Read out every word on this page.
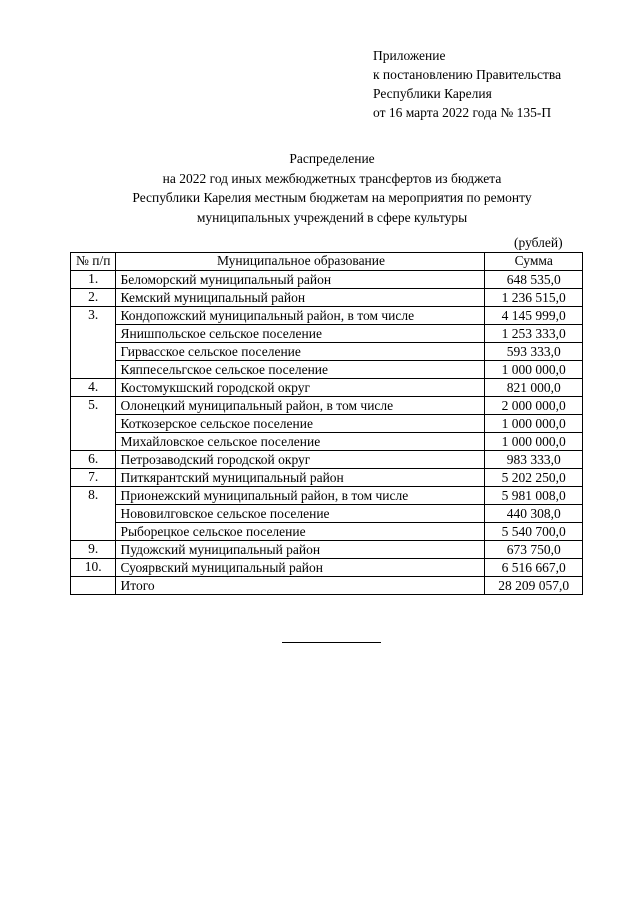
Приложение
к постановлению Правительства
Республики Карелия
от 16 марта 2022 года № 135-П
Распределение
на 2022 год иных межбюджетных трансфертов из бюджета
Республики Карелия местным бюджетам на мероприятия по ремонту
муниципальных учреждений в сфере культуры
(рублей)
№ п/п	Муниципальное образование	Сумма
1.	Беломорский муниципальный район	648 535,0
2.	Кемский муниципальный район	1 236 515,0
3.	Кондопожский муниципальный район, в том числе	4 145 999,0
	Янишпольское сельское поселение	1 253 333,0
	Гирвасское сельское поселение	593 333,0
	Кяппесельгское сельское поселение	1 000 000,0
4.	Костомукшский городской округ	821 000,0
5.	Олонецкий муниципальный район, в том числе	2 000 000,0
	Коткозерское сельское поселение	1 000 000,0
	Михайловское сельское поселение	1 000 000,0
6.	Петрозаводский городской округ	983 333,0
7.	Питкярантский муниципальный район	5 202 250,0
8.	Прионежский муниципальный район, в том числе	5 981 008,0
	Нововилговское сельское поселение	440 308,0
	Рыборецкое сельское поселение	5 540 700,0
9.	Пудожский муниципальный район	673 750,0
10.	Суоярвский муниципальный район	6 516 667,0
	Итого	28 209 057,0
